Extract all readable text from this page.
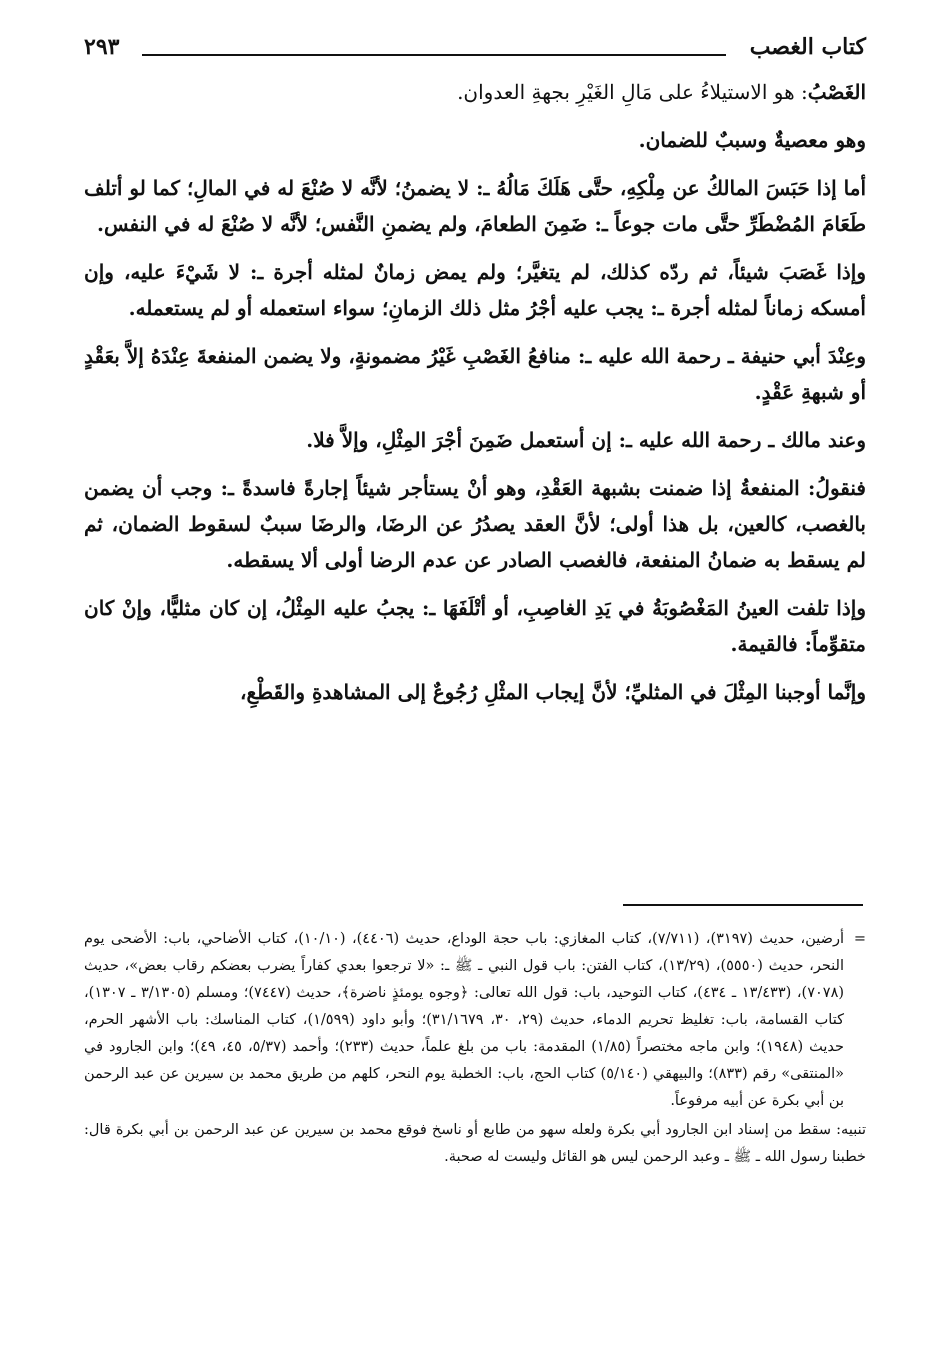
كتاب الغصب
٢٩٣

الغَصْبُ: هو الاستيلاءُ على مَالِ الغَيْرِ بجهةِ العدوان.

وهو معصيةٌ وسببٌ للضمان.

أما إذا حَبَسَ المالكُ عن مِلْكِهِ، حتَّى هَلَكَ مَالُهُ ـ: لا يضمنُ؛ لأنَّه لا صُنْعَ له في المالِ؛ كما لو أتلف طَعَامَ المُضْطَرِّ حتَّى مات جوعاً ـ: ضَمِنَ الطعامَ، ولم يضمنِ النَّفس؛ لأنَّه لا صُنْعَ له في النفس.

وإذا غَصَبَ شيئاً، ثم ردّه كذلك، لم يتغيَّر؛ ولم يمض زمانٌ لمثله أجرة ـ: لا شَيْءَ عليه، وإن أمسكه زماناً لمثله أجرة ـ: يجب عليه أجْرُ مثل ذلك الزمانِ؛ سواء استعمله أو لم يستعمله.

وعِنْدَ أبي حنيفة ـ رحمة الله عليه ـ: منافعُ الغَصْبِ غَيْرُ مضمونةٍ، ولا يضمن المنفعةَ عِنْدَهُ إلاَّ بعَقْدٍ أو شبهةِ عَقْدٍ.

وعند مالك ـ رحمة الله عليه ـ: إن أستعمل ضَمِنَ أجْرَ المِثْلِ، وإلاَّ فلا.

فنقولُ: المنفعةُ إذا ضمنت بشبهة العَقْدِ، وهو أنْ يستأجر شيئاً إجارةً فاسدةً ـ: وجب أن يضمن بالغصب، كالعين، بل هذا أولى؛ لأنَّ العقد يصدُرُ عن الرضَا، والرضَا سببٌ لسقوط الضمان، ثم لم يسقط به ضمانُ المنفعة، فالغصب الصادر عن عدم الرضا أولى ألا يسقطه.

وإذا تلفت العينُ المَغْصُوبَةُ في يَدِ الغاصِبِ، أو أتْلَفَهَا ـ: يجبُ عليه المِثْلُ، إن كان مثليًّا، وإنْ كان متقوِّماً: فالقيمة.

وإنَّما أوجبنا المِثْلَ في المثليِّ؛ لأنَّ إيجاب المثْلِ رُجُوعٌ إلى المشاهدةِ والقَطْعِ،

=
أرضين، حديث (٣١٩٧)، (٧/٧١١)، كتاب المغازي: باب حجة الوداع، حديث (٤٤٠٦)، (١٠/١٠)، كتاب الأضاحي، باب: الأضحى يوم النحر، حديث (٥٥٥٠)، (١٣/٢٩)، كتاب الفتن: باب قول النبي ـ ﷺ ـ: «لا ترجعوا بعدي كفاراً يضرب بعضكم رقاب بعض»، حديث (٧٠٧٨)، (١٣/٤٣٣ ـ ٤٣٤)، كتاب التوحيد، باب: قول الله تعالى: ﴿وجوه يومئذٍ ناضرة﴾، حديث (٧٤٤٧)؛ ومسلم (٣/١٣٠٥ ـ ١٣٠٧)، كتاب القسامة، باب: تغليظ تحريم الدماء، حديث (٢٩، ٣٠، ٣١/١٦٧٩)؛ وأبو داود (١/٥٩٩)، كتاب المناسك: باب الأشهر الحرم، حديث (١٩٤٨)؛ وابن ماجه مختصراً (١/٨٥) المقدمة: باب من بلغ علماً، حديث (٢٣٣)؛ وأحمد (٥/٣٧، ٤٥، ٤٩)؛ وابن الجارود في «المنتقى» رقم (٨٣٣)؛ والبيهقي (٥/١٤٠) كتاب الحج، باب: الخطبة يوم النحر، كلهم من طريق محمد بن سيرين عن عبد الرحمن بن أبي بكرة عن أبيه مرفوعاً.

تنبيه: سقط من إسناد ابن الجارود أبي بكرة ولعله سهو من طابع أو ناسخ فوقع محمد بن سيرين عن عبد الرحمن بن أبي بكرة قال: خطبنا رسول الله ـ ﷺ ـ وعبد الرحمن ليس هو القائل وليست له صحبة.
